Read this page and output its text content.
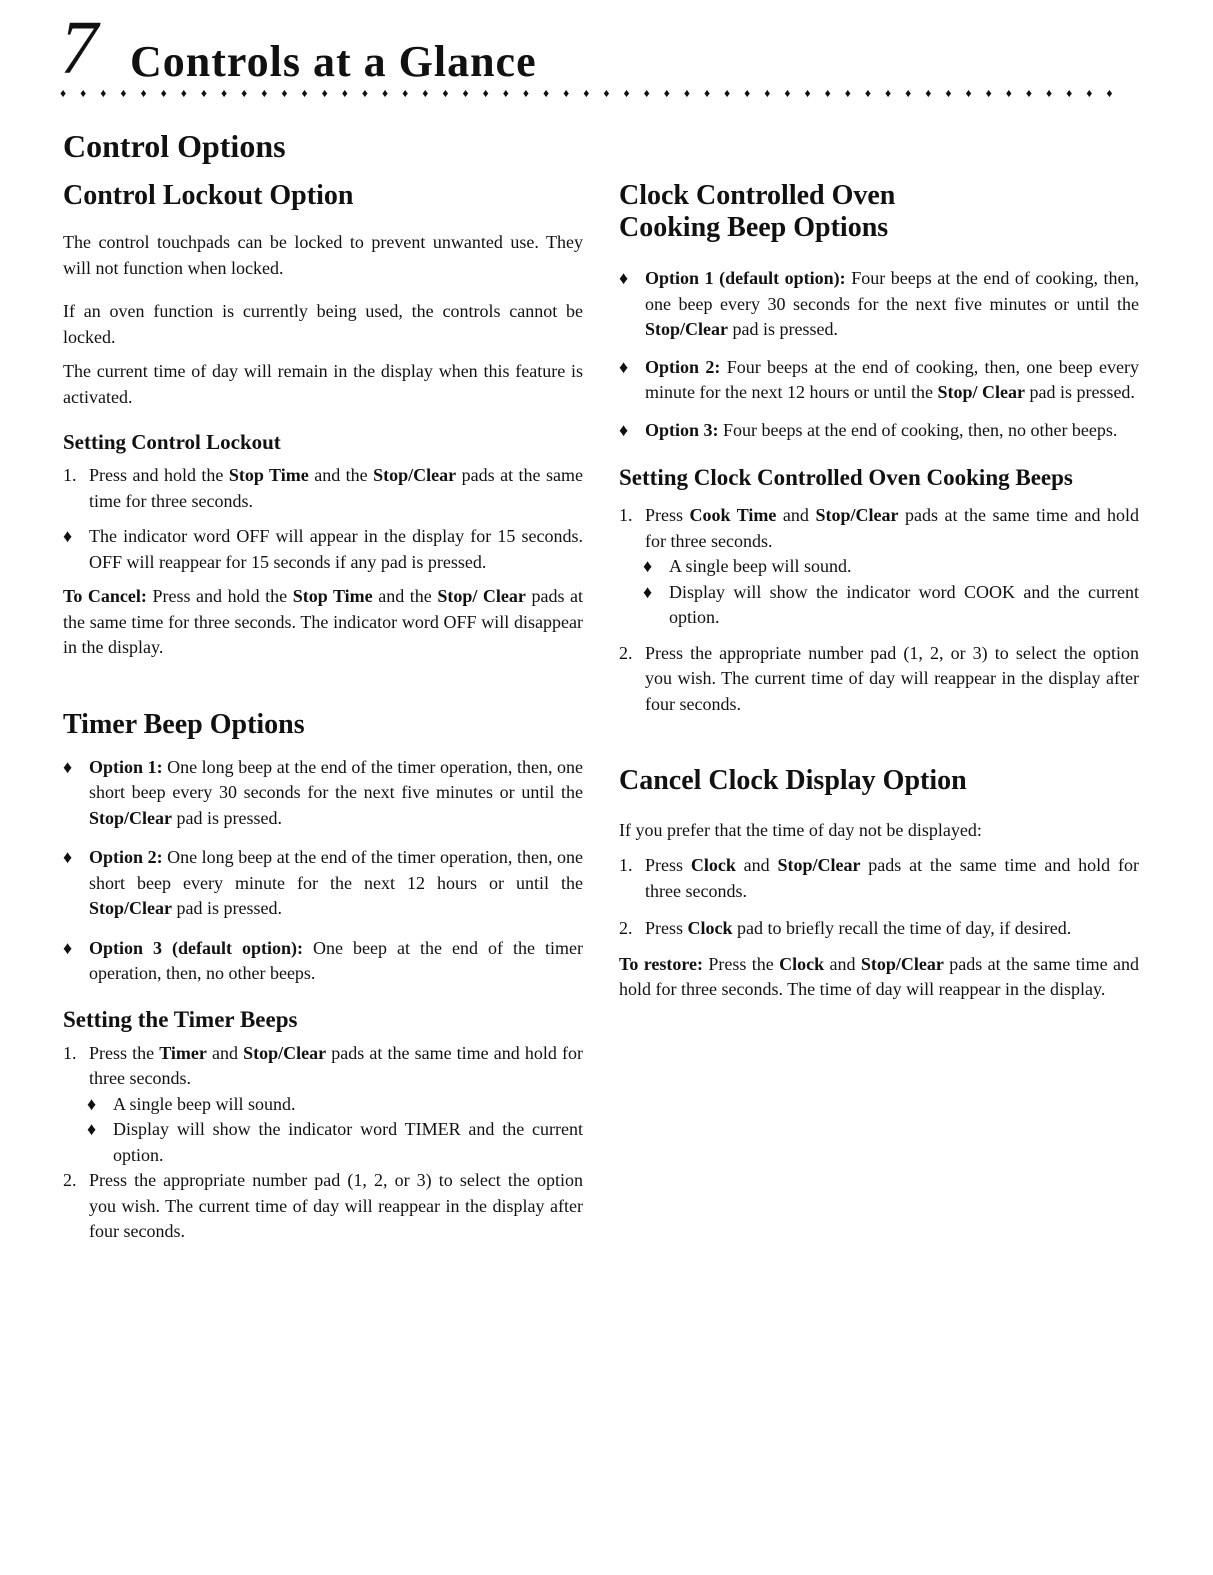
7 Controls at a Glance
♦♦♦♦♦♦♦♦♦♦♦♦♦♦♦♦♦♦♦♦♦♦♦♦♦♦♦♦♦♦♦♦♦♦♦♦♦♦♦♦♦♦♦♦♦♦♦♦♦♦♦♦♦
Control Options
Control Lockout Option

The control touchpads can be locked to prevent unwanted use. They will not function when locked.

If an oven function is currently being used, the controls cannot be locked.

The current time of day will remain in the display when this feature is activated.

Setting Control Lockout
1. Press and hold the Stop Time and the Stop/Clear pads at the same time for three seconds.
♦ The indicator word OFF will appear in the display for 15 seconds. OFF will reappear for 15 seconds if any pad is pressed.

To Cancel: Press and hold the Stop Time and the Stop/ Clear pads at the same time for three seconds. The indicator word OFF will disappear in the display.

Timer Beep Options
♦ Option 1: One long beep at the end of the timer operation, then, one short beep every 30 seconds for the next five minutes or until the Stop/Clear pad is pressed.
♦ Option 2: One long beep at the end of the timer operation, then, one short beep every minute for the next 12 hours or until the Stop/Clear pad is pressed.
♦ Option 3 (default option): One beep at the end of the timer operation, then, no other beeps.
Setting the Timer Beeps
1. Press the Timer and Stop/Clear pads at the same time and hold for three seconds.
♦ A single beep will sound.
♦ Display will show the indicator word TIMER and the current option.
2. Press the appropriate number pad (1, 2, or 3) to select the option you wish. The current time of day will reappear in the display after four seconds.
Clock Controlled Oven
Cooking Beep Options
♦ Option 1 (default option): Four beeps at the end of cooking, then, one beep every 30 seconds for the next five minutes or until the Stop/Clear pad is pressed.
♦ Option 2: Four beeps at the end of cooking, then, one beep every minute for the next 12 hours or until the Stop/ Clear pad is pressed.
♦ Option 3: Four beeps at the end of cooking, then, no other beeps.
Setting Clock Controlled Oven Cooking Beeps
1. Press Cook Time and Stop/Clear pads at the same time and hold for three seconds.
♦ A single beep will sound.
♦ Display will show the indicator word COOK and the current option.
2. Press the appropriate number pad (1, 2, or 3) to select the option you wish. The current time of day will reappear in the display after four seconds.
Cancel Clock Display Option

If you prefer that the time of day not be displayed:

1. Press Clock and Stop/Clear pads at the same time and hold for three seconds.
2. Press Clock pad to briefly recall the time of day, if desired.

To restore: Press the Clock and Stop/Clear pads at the same time and hold for three seconds. The time of day will reappear in the display.
